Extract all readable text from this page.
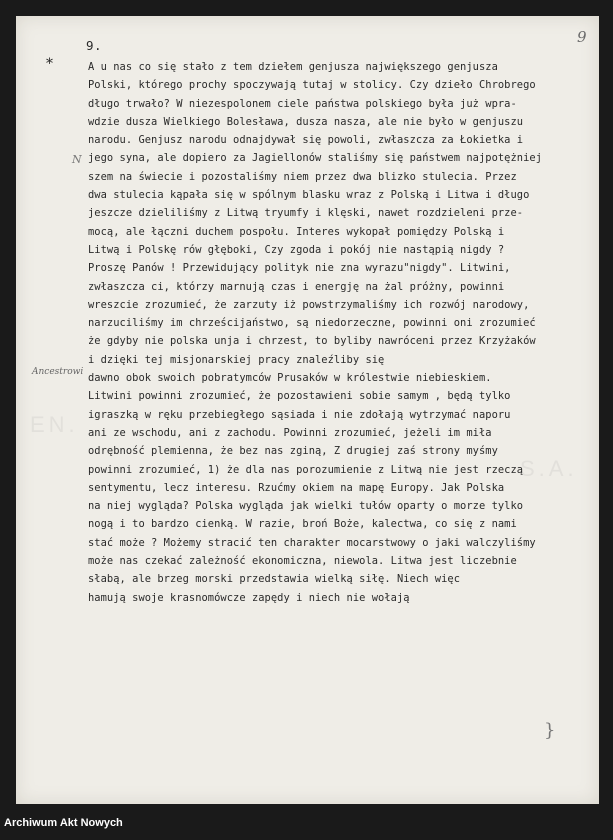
9.	9
*
N
Ancestrowi
EN.
S.A.
A u nas co się stało z tem dziełem genjusza największego genjusza
Polski, którego prochy spoczywają tutaj w stolicy. Czy dzieło Chrobrego
długo trwało? W niezespolonem ciele państwa polskiego była już wpra-
wdzie dusza Wielkiego Bolesława, dusza nasza, ale nie było w genjuszu
narodu. Genjusz narodu odnajdywał się powoli, zwłaszcza za Łokietka i
jego syna, ale dopiero za Jagiellonów staliśmy się państwem najpotężniej
szem na świecie i pozostaliśmy niem przez dwa blizko stulecia. Przez
dwa stulecia kąpała się w spólnym blasku wraz z Polską i Litwa i długo
jeszcze dzieliliśmy z Litwą tryumfy i klęski, nawet rozdzieleni prze-
mocą, ale łączni duchem pospołu. Interes wykopał pomiędzy Polską i
Litwą i Polskę rów głęboki, Czy zgoda i pokój nie nastąpią nigdy ?
Proszę Panów ! Przewidujący polityk nie zna wyrazu"nigdy". Litwini,
zwłaszcza ci, którzy marnują czas i energję na żal próżny, powinni
wreszcie zrozumieć, że zarzuty iż powstrzymaliśmy ich rozwój narodowy,
narzuciliśmy im chrześcijaństwo, są niedorzeczne, powinni oni zrozumieć
że gdyby nie polska unja i chrzest, to byliby nawróceni przez Krzyżaków
i dzięki tej misjonarskiej pracy znaleźliby się
dawno obok swoich pobratymców Prusaków w królestwie niebieskiem.
Litwini powinni zrozumieć, że pozostawieni sobie samym , będą tylko
igraszką w ręku przebiegłego sąsiada i nie zdołają wytrzymać naporu
ani ze wschodu, ani z zachodu. Powinni zrozumieć, jeżeli im miła
odrębność plemienna, że bez nas zginą, Z drugiej zaś strony myśmy
powinni zrozumieć, 1) że dla nas porozumienie z Litwą nie jest rzeczą
sentymentu, lecz interesu. Rzućmy okiem na mapę Europy. Jak Polska
na niej wygląda? Polska wygląda jak wielki tułów oparty o morze tylko
nogą i to bardzo cienką. W razie, broń Boże, kalectwa, co się z nami
stać może ? Możemy stracić ten charakter mocarstwowy o jaki walczyliśmy
może nas czekać zależność ekonomiczna, niewola. Litwa jest liczebnie
słabą, ale brzeg morski przedstawia wielką siłę. Niech więc
hamują swoje krasnomówcze zapędy i niech nie wołają
}
Archiwum Akt Nowych
